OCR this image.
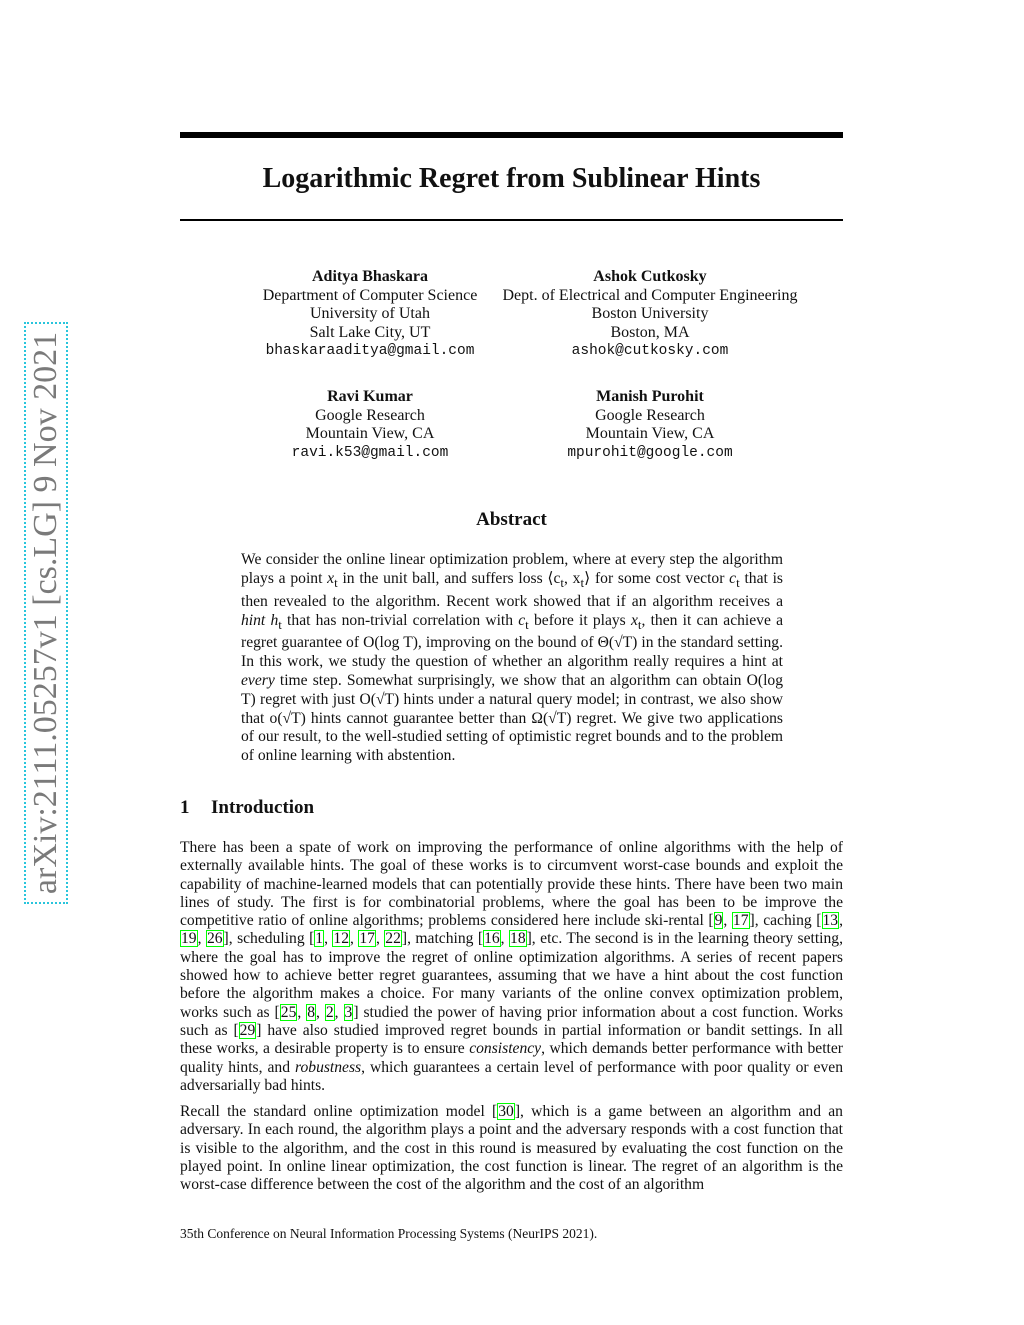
arXiv:2111.05257v1 [cs.LG] 9 Nov 2021
Logarithmic Regret from Sublinear Hints
Aditya Bhaskara
Department of Computer Science
University of Utah
Salt Lake City, UT
bhaskaraaditya@gmail.com
Ashok Cutkosky
Dept. of Electrical and Computer Engineering
Boston University
Boston, MA
ashok@cutkosky.com
Ravi Kumar
Google Research
Mountain View, CA
ravi.k53@gmail.com
Manish Purohit
Google Research
Mountain View, CA
mpurohit@google.com
Abstract

We consider the online linear optimization problem, where at every step the algorithm plays a point $x_t$ in the unit ball, and suffers loss $⟨c_t$, $x_t⟩$ for some cost vector $c_t$ that is then revealed to the algorithm. Recent work showed that if an algorithm receives a hint $h_t$ that has non-trivial correlation with $c_t$ before it plays $x_t$, then it can achieve a regret guarantee of O(log T), improving on the bound of Θ(√T) in the standard setting. In this work, we study the question of whether an algorithm really requires a hint at every time step. Somewhat surprisingly, we show that an algorithm can obtain O(log T) regret with just O(√T) hints under a natural query model; in contrast, we also show that o(√T) hints cannot guarantee better than Ω(√T) regret. We give two applications of our result, to the well-studied setting of optimistic regret bounds and to the problem of online learning with abstention.

1 Introduction

There has been a spate of work on improving the performance of online algorithms with the help of externally available hints. The goal of these works is to circumvent worst-case bounds and exploit the capability of machine-learned models that can potentially provide these hints. There have been two main lines of study. The first is for combinatorial problems, where the goal has been to be improve the competitive ratio of online algorithms; problems considered here include ski-rental [9, 17], caching [13, 19, 26], scheduling [1, 12, 17, 22], matching [16, 18], etc. The second is in the learning theory setting, where the goal has to improve the regret of online optimization algorithms. A series of recent papers showed how to achieve better regret guarantees, assuming that we have a hint about the cost function before the algorithm makes a choice. For many variants of the online convex optimization problem, works such as [25, 8, 2, 3] studied the power of having prior information about a cost function. Works such as [29] have also studied improved regret bounds in partial information or bandit settings. In all these works, a desirable property is to ensure consistency, which demands better performance with better quality hints, and robustness, which guarantees a certain level of performance with poor quality or even adversarially bad hints.

Recall the standard online optimization model [30], which is a game between an algorithm and an adversary. In each round, the algorithm plays a point and the adversary responds with a cost function that is visible to the algorithm, and the cost in this round is measured by evaluating the cost function on the played point. In online linear optimization, the cost function is linear. The regret of an algorithm is the worst-case difference between the cost of the algorithm and the cost of an algorithm

35th Conference on Neural Information Processing Systems (NeurIPS 2021).
